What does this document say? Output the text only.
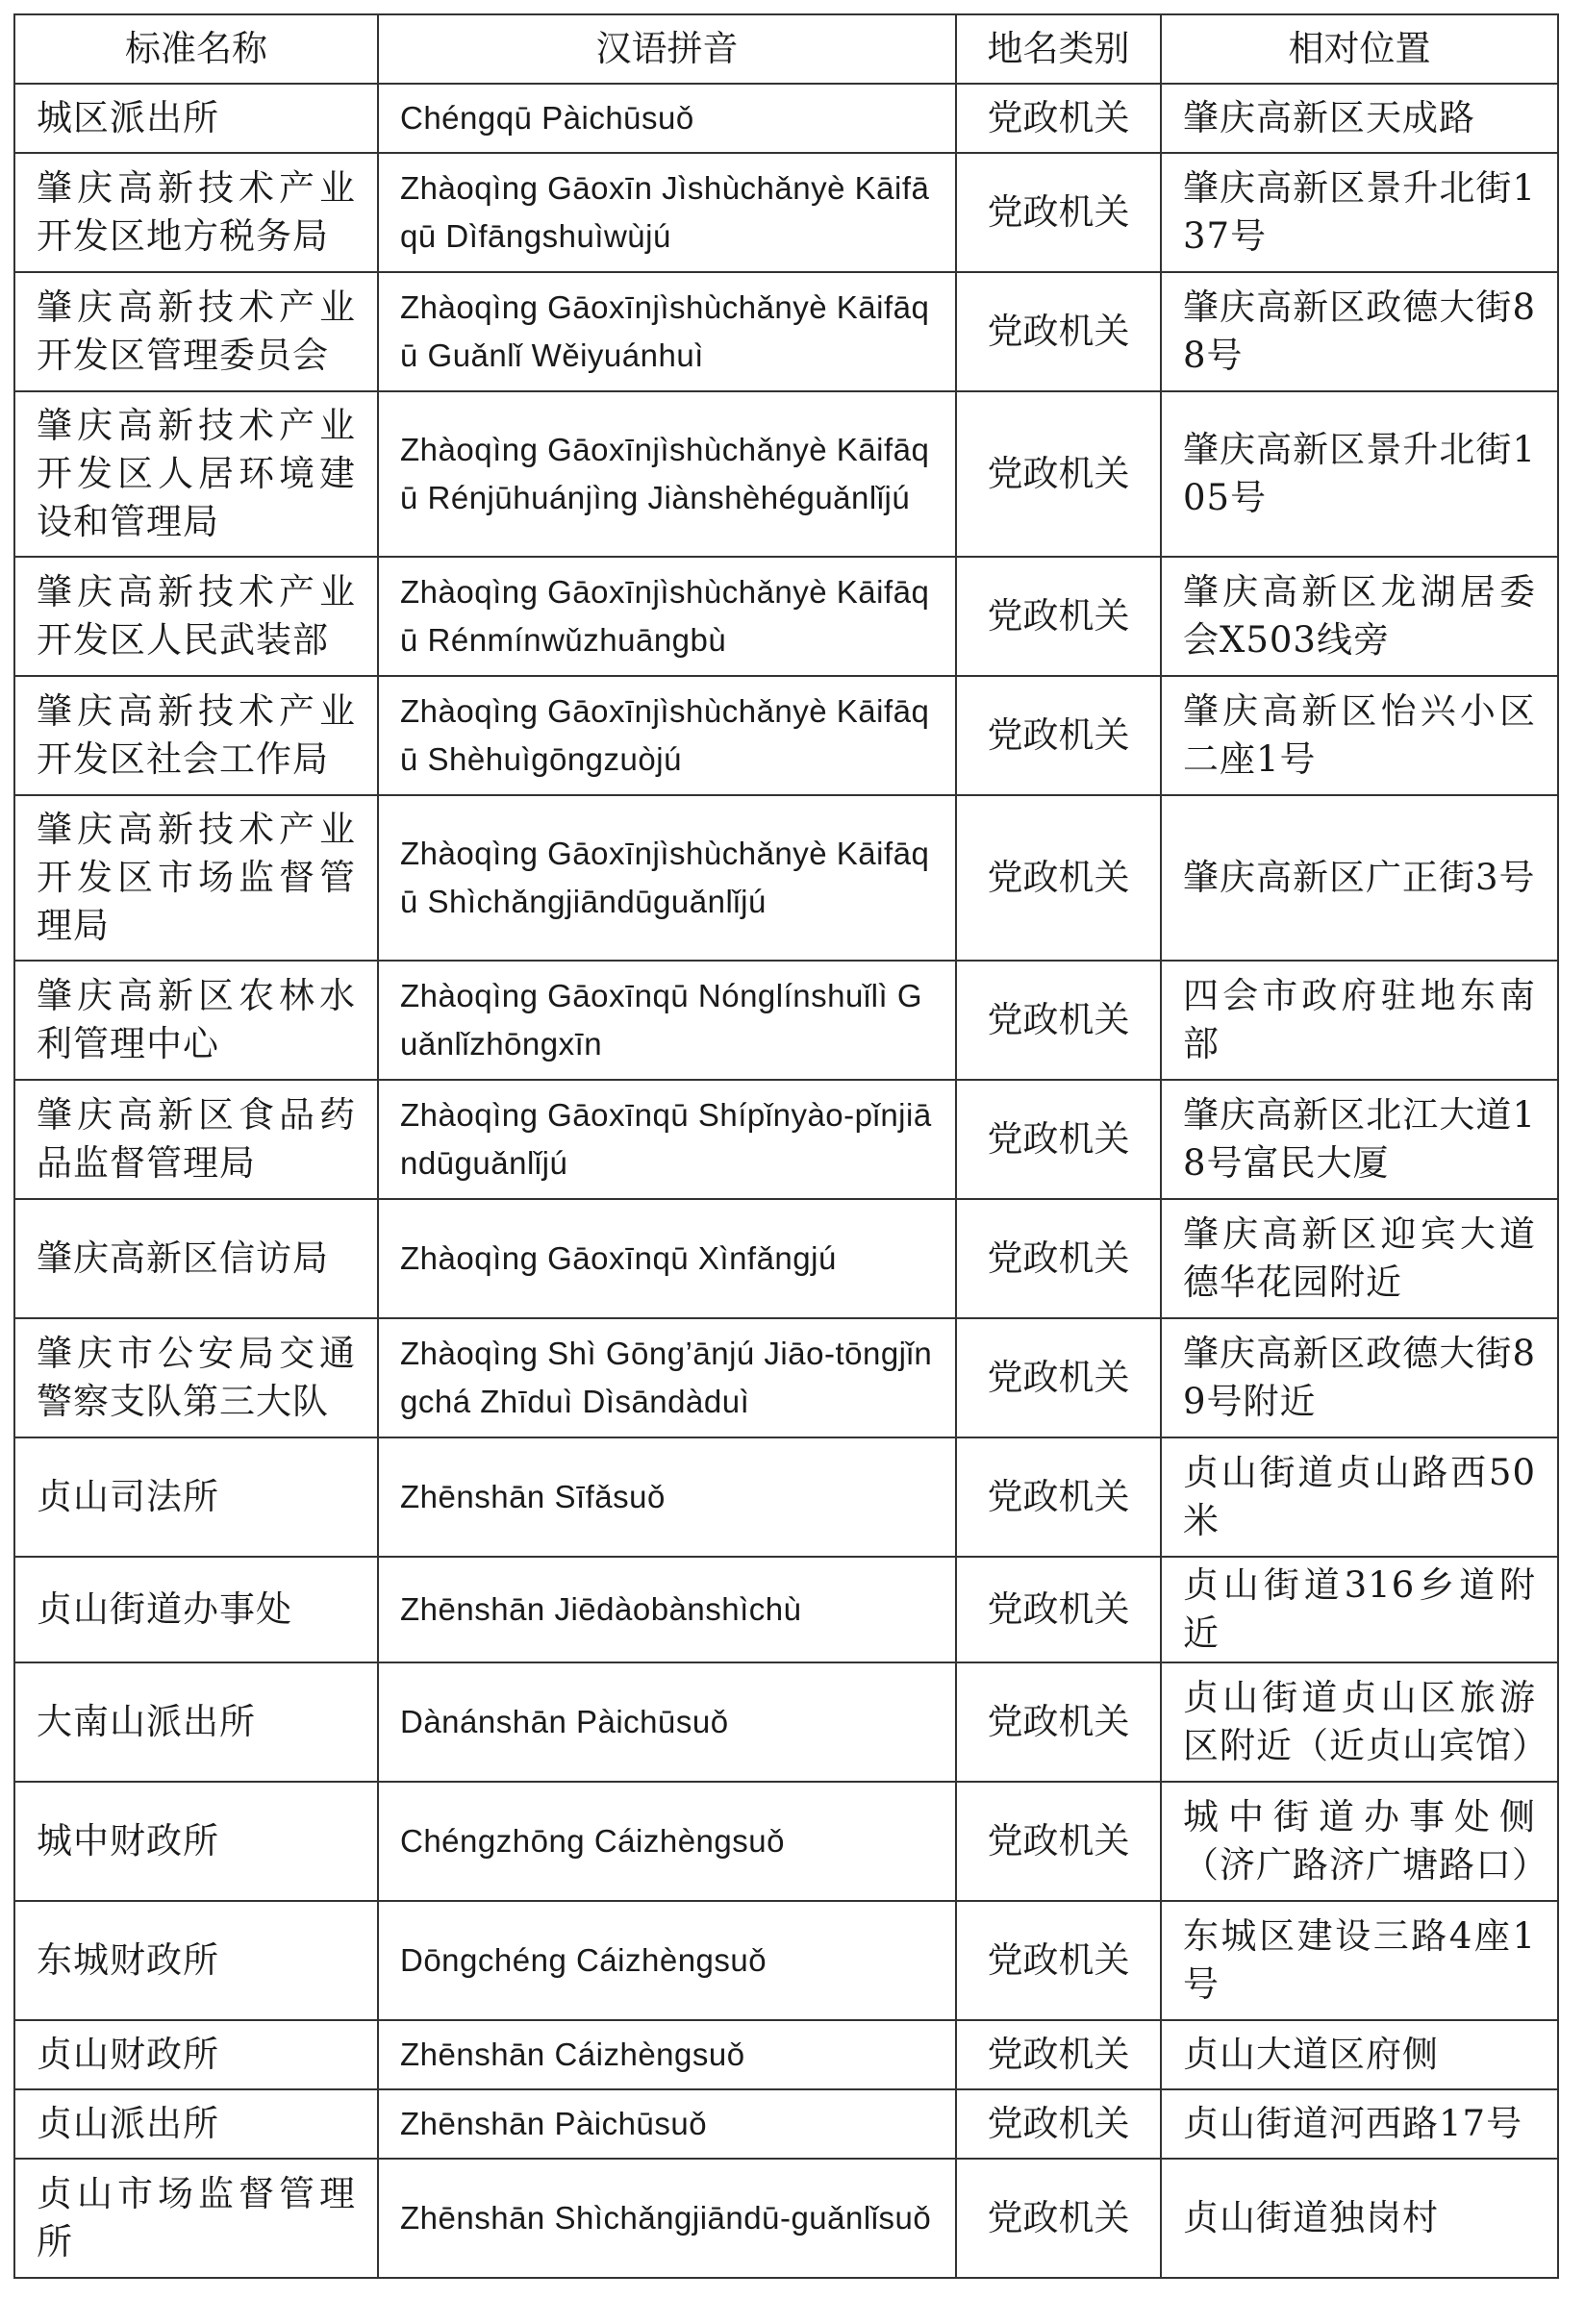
标准名称	汉语拼音	地名类别	相对位置
城区派出所	Chéngqū Pàichūsuǒ	党政机关	肇庆高新区天成路
肇庆高新技术产业开发区地方税务局	Zhàoqìng Gāoxīn Jìshùchǎnyè Kāifāqū Dìfāngshuìwùjú	党政机关	肇庆高新区景升北街137号
肇庆高新技术产业开发区管理委员会	Zhàoqìng Gāoxīnjìshùchǎnyè Kāifāqū Guǎnlǐ Wěiyuánhuì	党政机关	肇庆高新区政德大街88号
肇庆高新技术产业开发区人居环境建设和管理局	Zhàoqìng Gāoxīnjìshùchǎnyè Kāifāqū Rénjūhuánjìng Jiànshèhéguǎnlǐjú	党政机关	肇庆高新区景升北街105号
肇庆高新技术产业开发区人民武装部	Zhàoqìng Gāoxīnjìshùchǎnyè Kāifāqū Rénmínwǔzhuāngbù	党政机关	肇庆高新区龙湖居委会X503线旁
肇庆高新技术产业开发区社会工作局	Zhàoqìng Gāoxīnjìshùchǎnyè Kāifāqū Shèhuìgōngzuòjú	党政机关	肇庆高新区怡兴小区二座1号
肇庆高新技术产业开发区市场监督管理局	Zhàoqìng Gāoxīnjìshùchǎnyè Kāifāqū Shìchǎngjiāndūguǎnlǐjú	党政机关	肇庆高新区广正街3号
肇庆高新区农林水利管理中心	Zhàoqìng Gāoxīnqū Nónglínshuǐlì Guǎnlǐzhōngxīn	党政机关	四会市政府驻地东南部
肇庆高新区食品药品监督管理局	Zhàoqìng Gāoxīnqū Shípǐnyào-pǐnjiāndūguǎnlǐjú	党政机关	肇庆高新区北江大道18号富民大厦
肇庆高新区信访局	Zhàoqìng Gāoxīnqū Xìnfǎngjú	党政机关	肇庆高新区迎宾大道德华花园附近
肇庆市公安局交通警察支队第三大队	Zhàoqìng Shì Gōng’ānjú Jiāo-tōngjǐngchá Zhīduì Dìsāndàduì	党政机关	肇庆高新区政德大街89号附近
贞山司法所	Zhēnshān Sīfǎsuǒ	党政机关	贞山街道贞山路西50米
贞山街道办事处	Zhēnshān Jiēdàobànshìchù	党政机关	贞山街道316乡道附近
大南山派出所	Dànánshān Pàichūsuǒ	党政机关	贞山街道贞山区旅游区附近（近贞山宾馆）
城中财政所	Chéngzhōng Cáizhèngsuǒ	党政机关	城中街道办事处侧（济广路济广塘路口）
东城财政所	Dōngchéng Cáizhèngsuǒ	党政机关	东城区建设三路4座1号
贞山财政所	Zhēnshān Cáizhèngsuǒ	党政机关	贞山大道区府侧
贞山派出所	Zhēnshān Pàichūsuǒ	党政机关	贞山街道河西路17号
贞山市场监督管理所	Zhēnshān Shìchǎngjiāndū-guǎnlǐsuǒ	党政机关	贞山街道独岗村
